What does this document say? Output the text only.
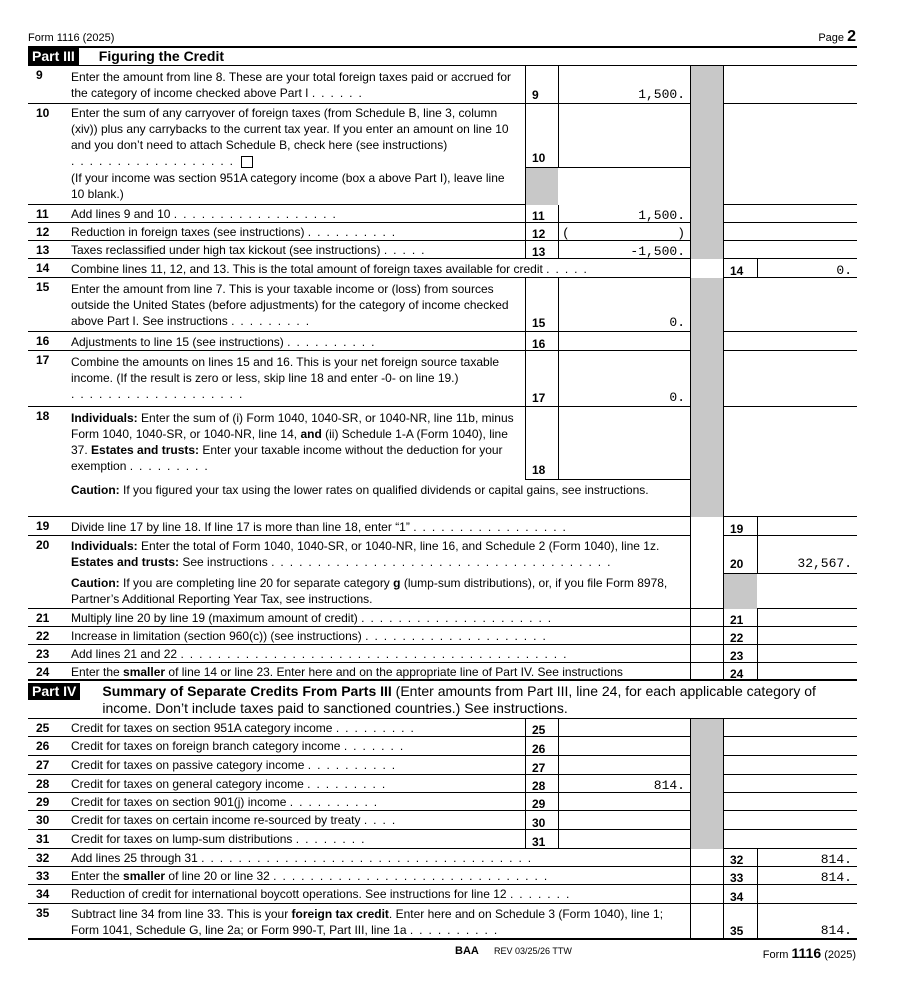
Form 1116 (2025)	Page 2
Part III Figuring the Credit
9 Enter the amount from line 8. These are your total foreign taxes paid or accrued for the category of income checked above Part I ......	9	1,500.
10 Enter the sum of any carryover of foreign taxes (from Schedule B, line 3, column (xiv)) plus any carrybacks to the current tax year. If you enter an amount on line 10 and you don’t need to attach Schedule B, check here (see instructions) ..................	10
(If your income was section 951A category income (box a above Part I), leave line 10 blank.)
11 Add lines 9 and 10 ..................	11	1,500.
12 Reduction in foreign taxes (see instructions) ..........	12	(	)
13 Taxes reclassified under high tax kickout (see instructions) .....	13	-1,500.
14 Combine lines 11, 12, and 13. This is the total amount of foreign taxes available for credit .....	14	0.
15 Enter the amount from line 7. This is your taxable income or (loss) from sources outside the United States (before adjustments) for the category of income checked above Part I. See instructions .........	15	0.
16 Adjustments to line 15 (see instructions) ..........	16
17 Combine the amounts on lines 15 and 16. This is your net foreign source taxable income. (If the result is zero or less, skip line 18 and enter -0- on line 19.) ...................	17	0.
18 Individuals: Enter the sum of (i) Form 1040, 1040-SR, or 1040-NR, line 11b, minus Form 1040, 1040-SR, or 1040-NR, line 14, and (ii) Schedule 1-A (Form 1040), line 37. Estates and trusts: Enter your taxable income without the deduction for your exemption .........	18
Caution: If you figured your tax using the lower rates on qualified dividends or capital gains, see instructions.
19 Divide line 17 by line 18. If line 17 is more than line 18, enter “1” .................	19
20 Individuals: Enter the total of Form 1040, 1040-SR, or 1040-NR, line 16, and Schedule 2 (Form 1040), line 1z. Estates and trusts: See instructions .....................................	20	32,567.
Caution: If you are completing line 20 for separate category g (lump-sum distributions), or, if you file Form 8978, Partner’s Additional Reporting Year Tax, see instructions.
21 Multiply line 20 by line 19 (maximum amount of credit) .....................	21
22 Increase in limitation (section 960(c)) (see instructions) ....................	22
23 Add lines 21 and 22 ..........................................	23
24 Enter the smaller of line 14 or line 23. Enter here and on the appropriate line of Part IV. See instructions	24
Part IV Summary of Separate Credits From Parts III (Enter amounts from Part III, line 24, for each applicable category of income. Don’t include taxes paid to sanctioned countries.) See instructions.
25 Credit for taxes on section 951A category income .........	25
26 Credit for taxes on foreign branch category income .......	26
27 Credit for taxes on passive category income ..........	27
28 Credit for taxes on general category income .........	28	814.
29 Credit for taxes on section 901(j) income ..........	29
30 Credit for taxes on certain income re-sourced by treaty ....	30
31 Credit for taxes on lump-sum distributions ........	31
32 Add lines 25 through 31 ....................................	32	814.
33 Enter the smaller of line 20 or line 32 ..............................	33	814.
34 Reduction of credit for international boycott operations. See instructions for line 12 .......	34
35 Subtract line 34 from line 33. This is your foreign tax credit. Enter here and on Schedule 3 (Form 1040), line 1; Form 1041, Schedule G, line 2a; or Form 990-T, Part III, line 1a ..........	35	814.
BAA REV 03/25/26 TTW	Form 1116 (2025)
